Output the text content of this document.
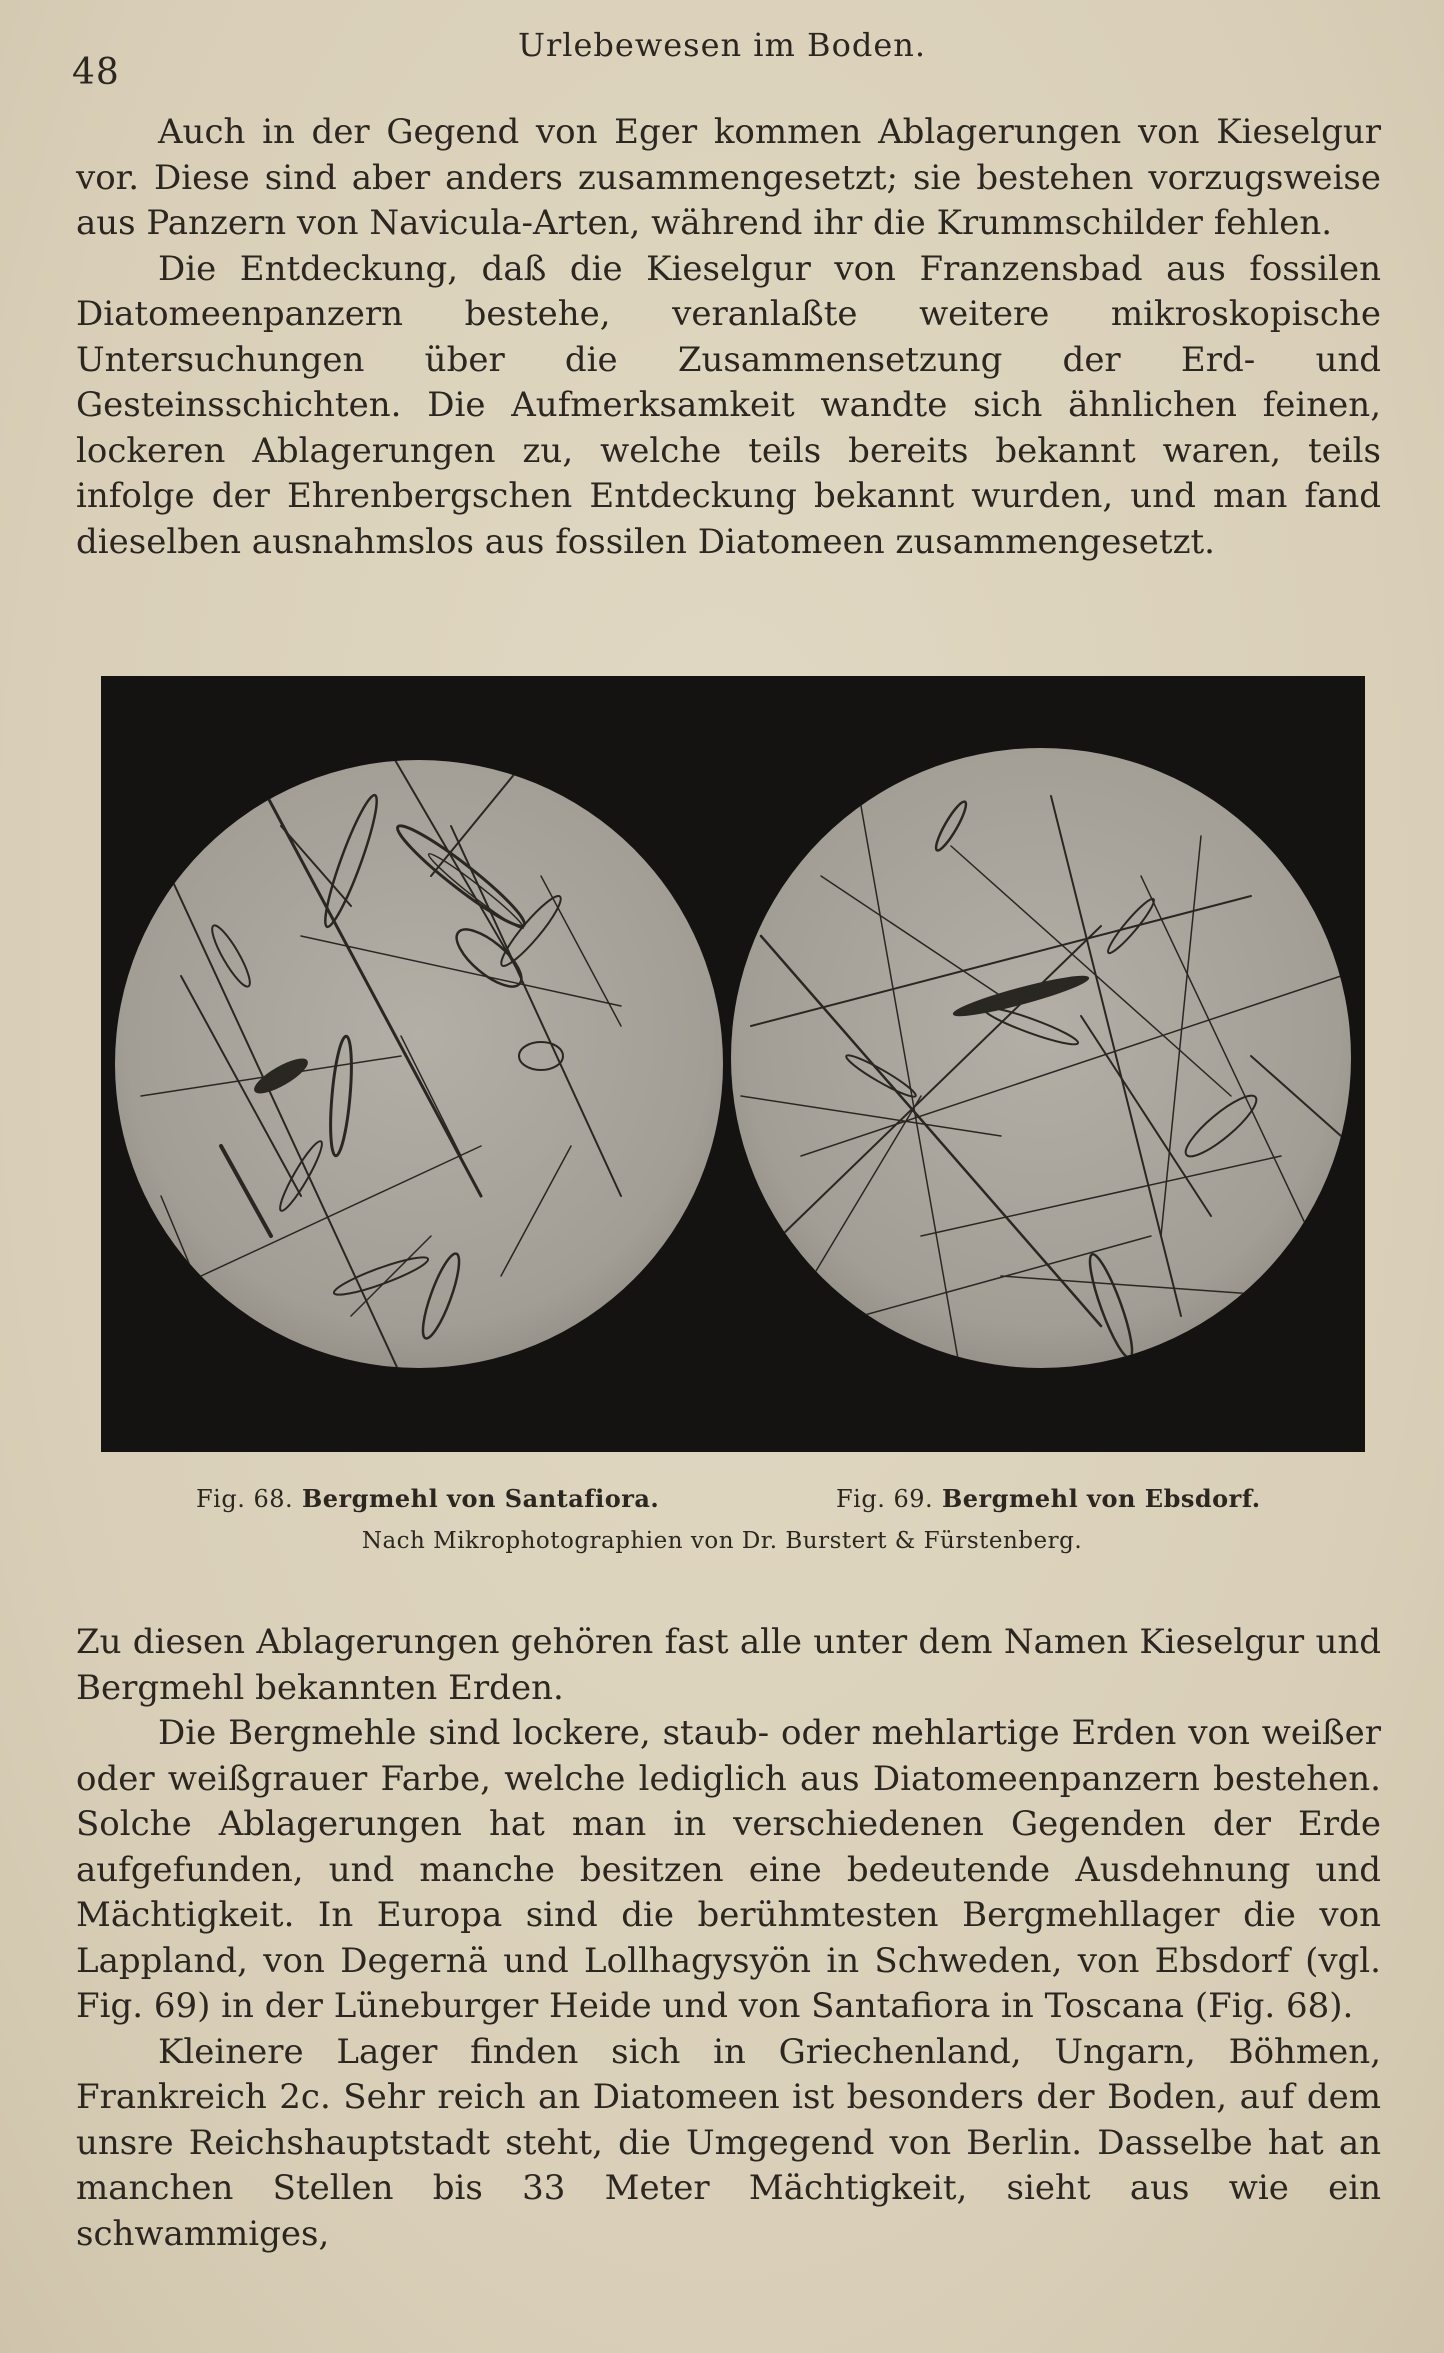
48
Urlebewesen im Boden.

Auch in der Gegend von Eger kommen Ablagerungen von Kieselgur vor. Diese sind aber anders zusammengesetzt; sie bestehen vorzugsweise aus Panzern von Navicula-Arten, während ihr die Krummschilder fehlen.

Die Entdeckung, daß die Kieselgur von Franzensbad aus fossilen Diatomeenpanzern bestehe, veranlaßte weitere mikroskopische Untersuchungen über die Zusammensetzung der Erd- und Gesteinsschichten. Die Aufmerksamkeit wandte sich ähnlichen feinen, lockeren Ablagerungen zu, welche teils bereits bekannt waren, teils infolge der Ehrenbergschen Entdeckung bekannt wurden, und man fand dieselben ausnahmslos aus fossilen Diatomeen zusammengesetzt.

Fig. 68. Bergmehl von Santafiora.	Fig. 69. Bergmehl von Ebsdorf.
Nach Mikrophotographien von Dr. Burstert & Fürstenberg.

Zu diesen Ablagerungen gehören fast alle unter dem Namen Kieselgur und Bergmehl bekannten Erden.

Die Bergmehle sind lockere, staub- oder mehlartige Erden von weißer oder weißgrauer Farbe, welche lediglich aus Diatomeenpanzern bestehen. Solche Ablagerungen hat man in verschiedenen Gegenden der Erde aufgefunden, und manche besitzen eine bedeutende Ausdehnung und Mächtigkeit. In Europa sind die berühmtesten Bergmehllager die von Lappland, von Degernä und Lollhagysyön in Schweden, von Ebsdorf (vgl. Fig. 69) in der Lüneburger Heide und von Santafiora in Toscana (Fig. 68).

Kleinere Lager finden sich in Griechenland, Ungarn, Böhmen, Frankreich 2c. Sehr reich an Diatomeen ist besonders der Boden, auf dem unsre Reichshauptstadt steht, die Umgegend von Berlin. Dasselbe hat an manchen Stellen bis 33 Meter Mächtigkeit, sieht aus wie ein schwammiges,
